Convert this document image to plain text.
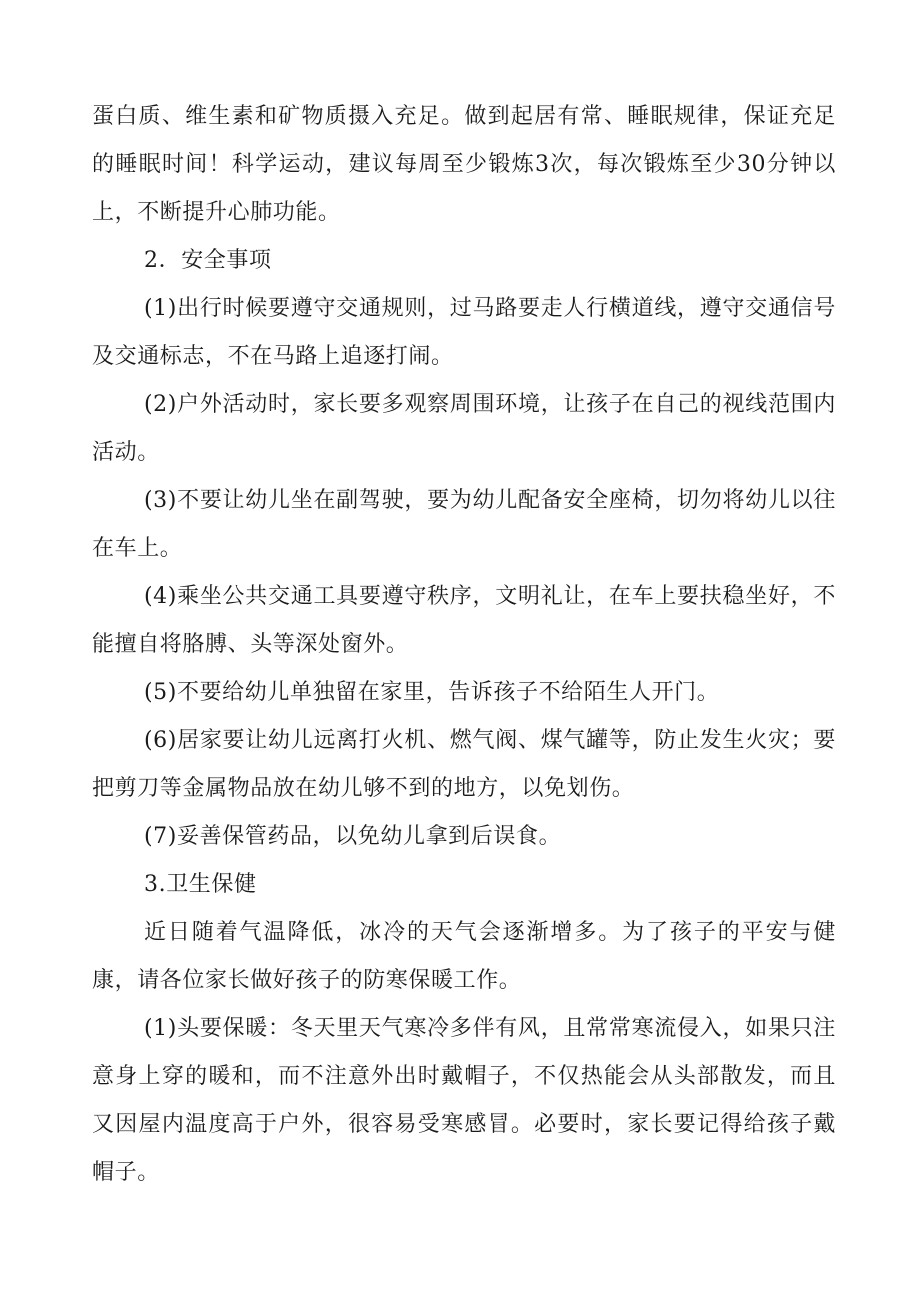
蛋白质、维生素和矿物质摄入充足。做到起居有常、睡眠规律，保证充足的睡眠时间！科学运动，建议每周至少锻炼3次，每次锻炼至少30分钟以上，不断提升心肺功能。

2．安全事项

(1)出行时候要遵守交通规则，过马路要走人行横道线，遵守交通信号及交通标志，不在马路上追逐打闹。

(2)户外活动时，家长要多观察周围环境，让孩子在自己的视线范围内活动。

(3)不要让幼儿坐在副驾驶，要为幼儿配备安全座椅，切勿将幼儿以往在车上。

(4)乘坐公共交通工具要遵守秩序，文明礼让，在车上要扶稳坐好，不能擅自将胳膊、头等深处窗外。

(5)不要给幼儿单独留在家里，告诉孩子不给陌生人开门。

(6)居家要让幼儿远离打火机、燃气阀、煤气罐等，防止发生火灾；要把剪刀等金属物品放在幼儿够不到的地方，以免划伤。

(7)妥善保管药品，以免幼儿拿到后误食。

3.卫生保健

近日随着气温降低，冰冷的天气会逐渐增多。为了孩子的平安与健康，请各位家长做好孩子的防寒保暖工作。

(1)头要保暖：冬天里天气寒冷多伴有风，且常常寒流侵入，如果只注意身上穿的暖和，而不注意外出时戴帽子，不仅热能会从头部散发，而且又因屋内温度高于户外，很容易受寒感冒。必要时，家长要记得给孩子戴帽子。
